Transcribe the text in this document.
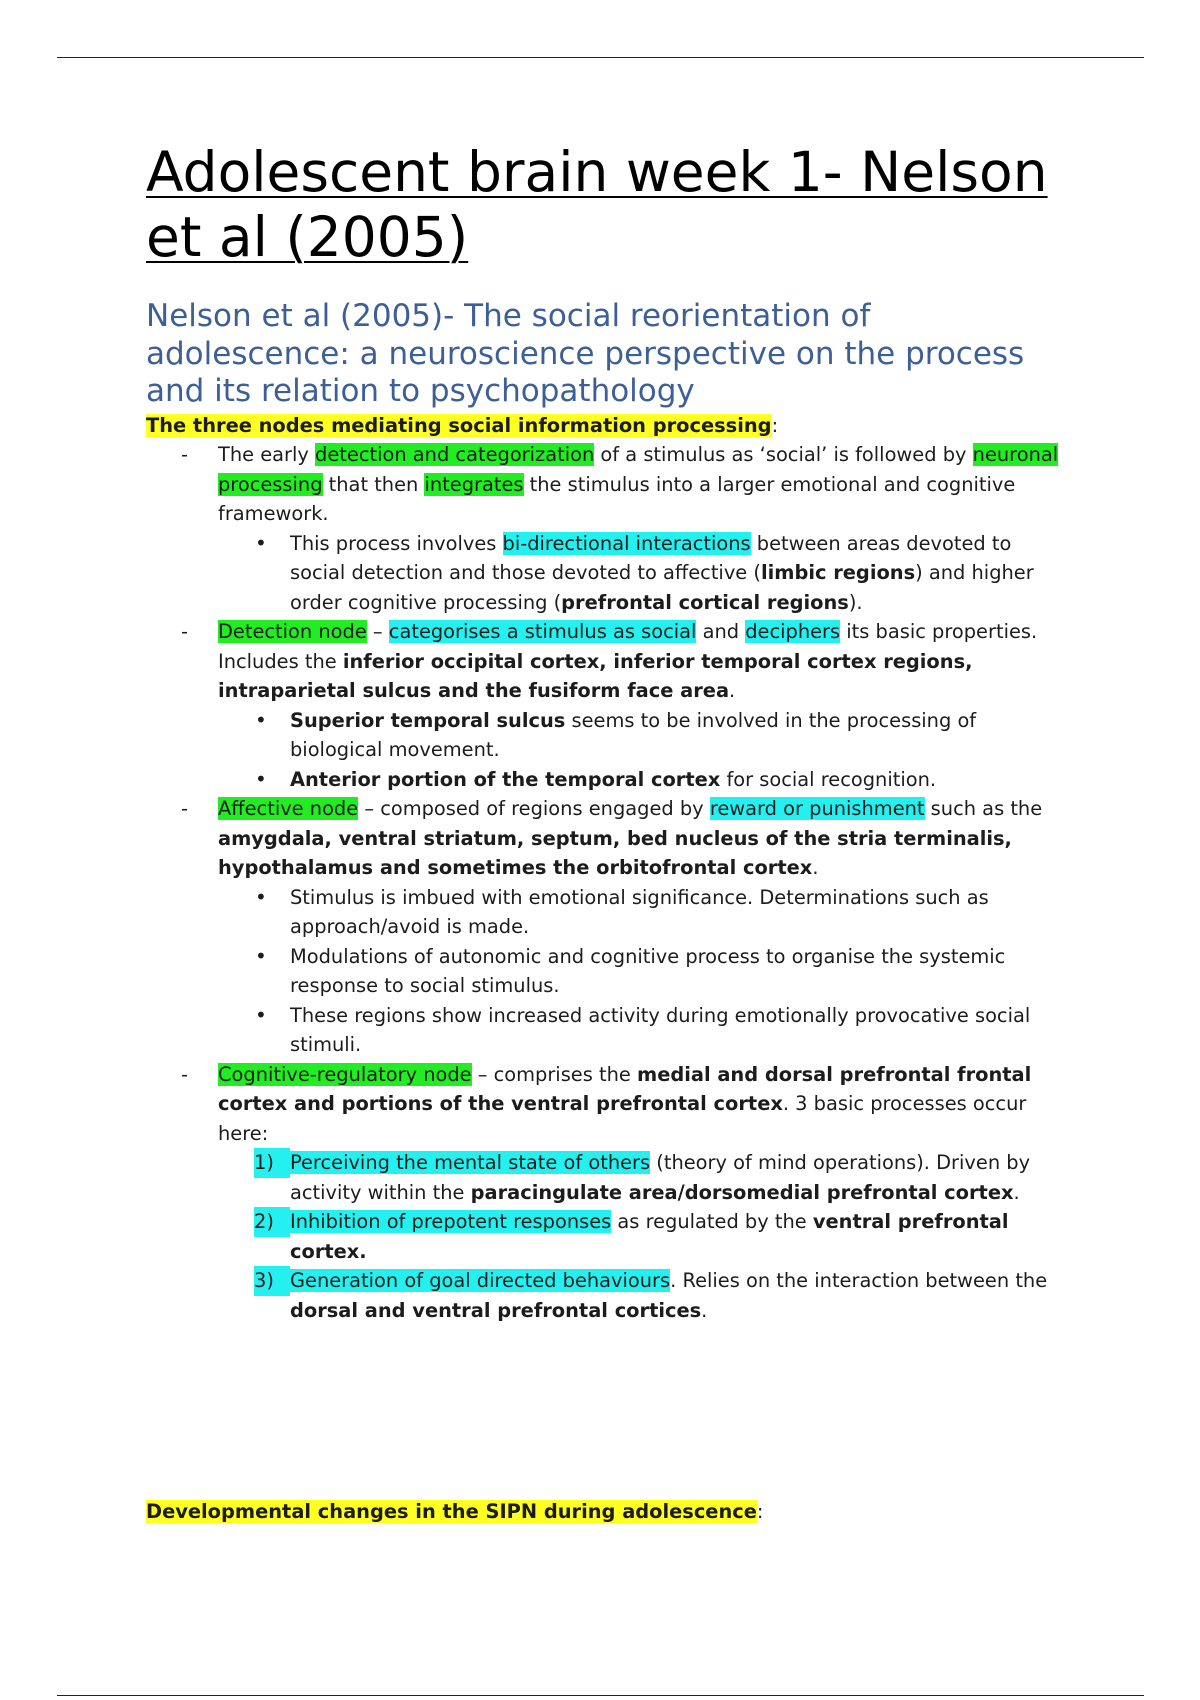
Adolescent brain week 1- Nelson et al (2005)
Nelson et al (2005)- The social reorientation of adolescence: a neuroscience perspective on the process and its relation to psychopathology

The three nodes mediating social information processing:

- The early detection and categorization of a stimulus as ‘social’ is followed by neuronal processing that then integrates the stimulus into a larger emotional and cognitive framework.
• This process involves bi-directional interactions between areas devoted to social detection and those devoted to affective (limbic regions) and higher order cognitive processing (prefrontal cortical regions).
- Detection node – categorises a stimulus as social and deciphers its basic properties. Includes the inferior occipital cortex, inferior temporal cortex regions, intraparietal sulcus and the fusiform face area.
• Superior temporal sulcus seems to be involved in the processing of biological movement.
• Anterior portion of the temporal cortex for social recognition.
- Affective node – composed of regions engaged by reward or punishment such as the amygdala, ventral striatum, septum, bed nucleus of the stria terminalis, hypothalamus and sometimes the orbitofrontal cortex.
• Stimulus is imbued with emotional significance. Determinations such as approach/avoid is made.
• Modulations of autonomic and cognitive process to organise the systemic response to social stimulus.
• These regions show increased activity during emotionally provocative social stimuli.
- Cognitive-regulatory node – comprises the medial and dorsal prefrontal frontal cortex and portions of the ventral prefrontal cortex. 3 basic processes occur here:
1) Perceiving the mental state of others (theory of mind operations). Driven by activity within the paracingulate area/dorsomedial prefrontal cortex.
2) Inhibition of prepotent responses as regulated by the ventral prefrontal cortex.
3) Generation of goal directed behaviours. Relies on the interaction between the dorsal and ventral prefrontal cortices.

Developmental changes in the SIPN during adolescence:
